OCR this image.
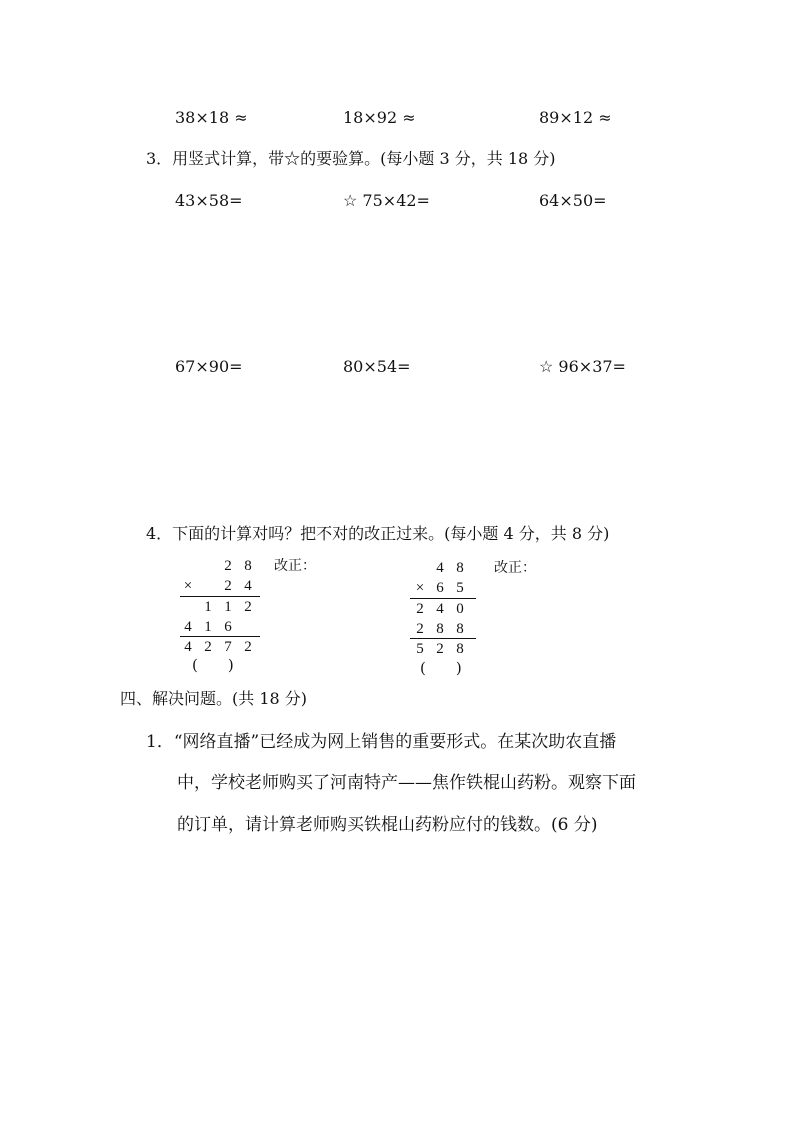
38×18 ≈	18×92 ≈	89×12 ≈
3．用竖式计算，带☆的要验算。(每小题 3 分，共 18 分)
43×58=	☆ 75×42=	64×50=
67×90=	80×54=	☆ 96×37=
4．下面的计算对吗？把不对的改正过来。(每小题 4 分，共 8 分)
2 8
× 2 4
1 1 2
4 1 6
4 2 7 2
(　　)
改正：	4 8
× 6 5
2 4 0
2 8 8
5 2 8
(　　)
改正：
四、解决问题。(共 18 分)
1．“网络直播”已经成为网上销售的重要形式。在某次助农直播
中，学校老师购买了河南特产——焦作铁棍山药粉。观察下面
的订单，请计算老师购买铁棍山药粉应付的钱数。(6 分)
